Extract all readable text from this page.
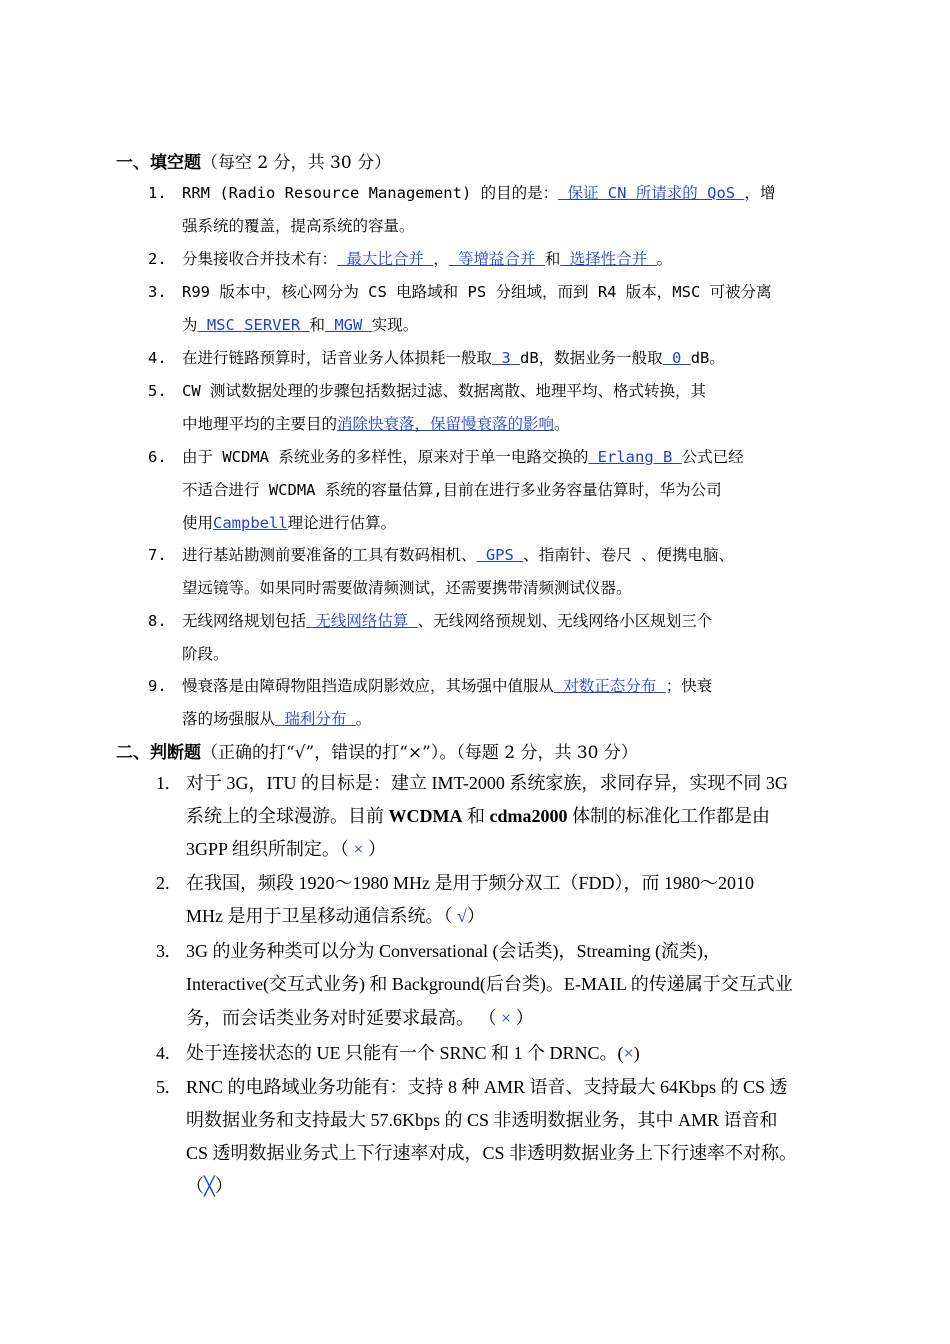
一、填空题（每空 2 分，共 30 分）
1. RRM (Radio Resource Management) 的目的是： 保证 CN 所请求的 QoS ，增
强系统的覆盖，提高系统的容量。
2. 分集接收合并技术有： 最大比合并 ， 等增益合并 和 选择性合并 。
3. R99 版本中，核心网分为 CS 电路域和 PS 分组域，而到 R4 版本，MSC 可被分离
为 MSC SERVER 和 MGW 实现。
4. 在进行链路预算时，话音业务人体损耗一般取 3 dB，数据业务一般取 0 dB。
5. CW 测试数据处理的步骤包括数据过滤、数据离散、地理平均、格式转换，其
中地理平均的主要目的消除快衰落，保留慢衰落的影响。
6. 由于 WCDMA 系统业务的多样性，原来对于单一电路交换的 Erlang B 公式已经
不适合进行 WCDMA 系统的容量估算,目前在进行多业务容量估算时，华为公司
使用Campbell理论进行估算。
7. 进行基站勘测前要准备的工具有数码相机、 GPS 、指南针、卷尺 、便携电脑、
望远镜等。如果同时需要做清频测试，还需要携带清频测试仪器。
8. 无线网络规划包括 无线网络估算 、无线网络预规划、无线网络小区规划三个
阶段。
9. 慢衰落是由障碍物阻挡造成阴影效应，其场强中值服从 对数正态分布 ；快衰
落的场强服从 瑞利分布 。
二、判断题（正确的打“√”，错误的打“×”）。（每题 2 分，共 30 分）
1. 对于 3G，ITU 的目标是：建立 IMT-2000 系统家族，求同存异，实现不同 3G
系统上的全球漫游。目前 WCDMA 和 cdma2000 体制的标准化工作都是由
3GPP 组织所制定。（ × ）
2. 在我国，频段 1920～1980 MHz 是用于频分双工（FDD），而 1980～2010
MHz 是用于卫星移动通信系统。（ √）
3. 3G 的业务种类可以分为 Conversational (会话类)，Streaming (流类)，
Interactive(交互式业务) 和 Background(后台类)。E-MAIL 的传递属于交互式业
务，而会话类业务对时延要求最高。 （ × ）
4. 处于连接状态的 UE 只能有一个 SRNC 和 1 个 DRNC。(×)
5. RNC 的电路域业务功能有：支持 8 种 AMR 语音、支持最大 64Kbps 的 CS 透
明数据业务和支持最大 57.6Kbps 的 CS 非透明数据业务，其中 AMR 语音和
CS 透明数据业务式上下行速率对成，CS 非透明数据业务上下行速率不对称。
（╳）
